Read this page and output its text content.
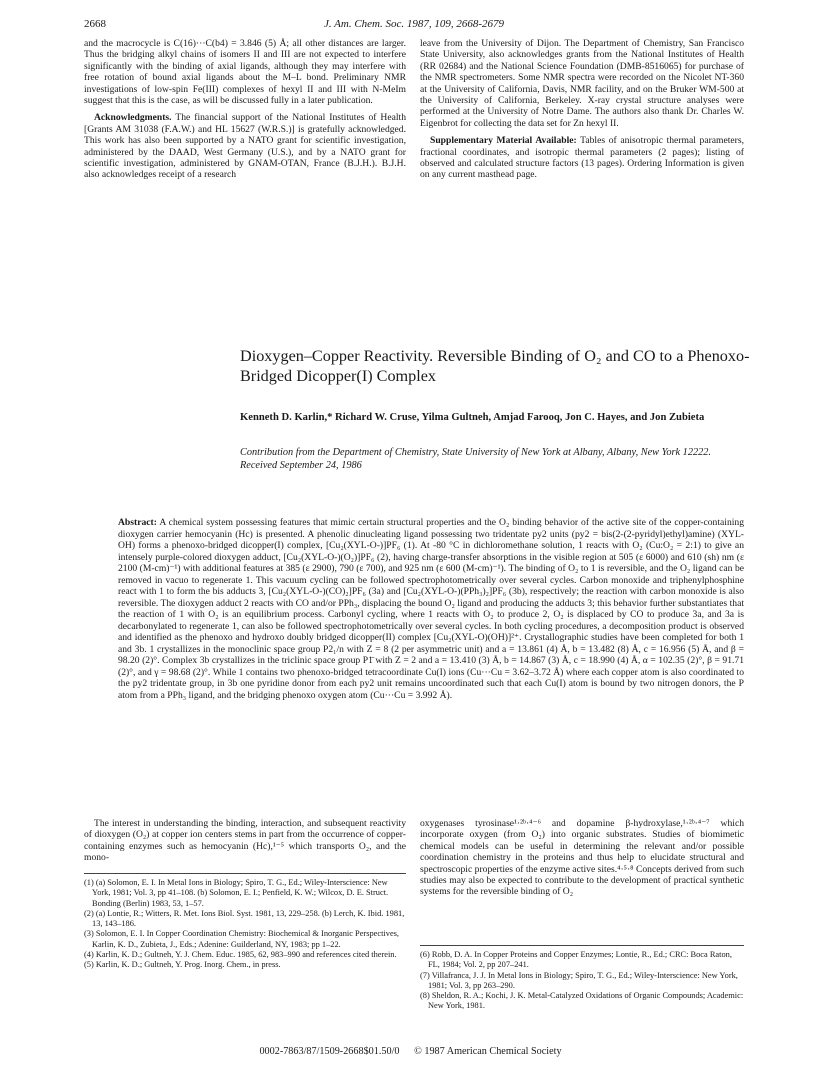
2668	J. Am. Chem. Soc. 1987, 109, 2668-2679

and the macrocycle is C(16)···C(b4) = 3.846 (5) Å; all other distances are larger. Thus the bridging alkyl chains of isomers II and III are not expected to interfere significantly with the binding of axial ligands, although they may interfere with free rotation of bound axial ligands about the M–L bond. Preliminary NMR investigations of low-spin Fe(III) complexes of hexyl II and III with N-MeIm suggest that this is the case, as will be discussed fully in a later publication.

Acknowledgments. The financial support of the National Institutes of Health [Grants AM 31038 (F.A.W.) and HL 15627 (W.R.S.)] is gratefully acknowledged. This work has also been supported by a NATO grant for scientific investigation, administered by the DAAD, West Germany (U.S.), and by a NATO grant for scientific investigation, administered by GNAM-OTAN, France (B.J.H.). B.J.H. also acknowledges receipt of a research

leave from the University of Dijon. The Department of Chemistry, San Francisco State University, also acknowledges grants from the National Institutes of Health (RR 02684) and the National Science Foundation (DMB-8516065) for purchase of the NMR spectrometers. Some NMR spectra were recorded on the Nicolet NT-360 at the University of California, Davis, NMR facility, and on the Bruker WM-500 at the University of California, Berkeley. X-ray crystal structure analyses were performed at the University of Notre Dame. The authors also thank Dr. Charles W. Eigenbrot for collecting the data set for Zn hexyl II.

Supplementary Material Available: Tables of anisotropic thermal parameters, fractional coordinates, and isotropic thermal parameters (2 pages); listing of observed and calculated structure factors (13 pages). Ordering Information is given on any current masthead page.

Dioxygen–Copper Reactivity. Reversible Binding of O₂ and CO to a Phenoxo-Bridged Dicopper(I) Complex
Kenneth D. Karlin,* Richard W. Cruse, Yilma Gultneh, Amjad Farooq, Jon C. Hayes, and Jon Zubieta
Contribution from the Department of Chemistry, State University of New York at Albany, Albany, New York 12222. Received September 24, 1986
Abstract: A chemical system possessing features that mimic certain structural properties and the O₂ binding behavior of the active site of the copper-containing dioxygen carrier hemocyanin (Hc) is presented. A phenolic dinucleating ligand possessing two tridentate py2 units (py2 = bis(2-(2-pyridyl)ethyl)amine) (XYL-OH) forms a phenoxo-bridged dicopper(I) complex, [Cu₂(XYL-O-)]PF₆ (1). At -80 °C in dichloromethane solution, 1 reacts with O₂ (Cu:O₂ = 2:1) to give an intensely purple-colored dioxygen adduct, [Cu₂(XYL-O-)(O₂)]PF₆ (2), having charge-transfer absorptions in the visible region at 505 (ε 6000) and 610 (sh) nm (ε 2100 (M-cm)⁻¹) with additional features at 385 (ε 2900), 790 (ε 700), and 925 nm (ε 600 (M-cm)⁻¹). The binding of O₂ to 1 is reversible, and the O₂ ligand can be removed in vacuo to regenerate 1. This vacuum cycling can be followed spectrophotometrically over several cycles. Carbon monoxide and triphenylphosphine react with 1 to form the bis adducts 3, [Cu₂(XYL-O-)(CO)₂]PF₆ (3a) and [Cu₂(XYL-O-)(PPh₃)₂]PF₆ (3b), respectively; the reaction with carbon monoxide is also reversible. The dioxygen adduct 2 reacts with CO and/or PPh₃, displacing the bound O₂ ligand and producing the adducts 3; this behavior further substantiates that the reaction of 1 with O₂ is an equilibrium process. Carbonyl cycling, where 1 reacts with O₂ to produce 2, O₂ is displaced by CO to produce 3a, and 3a is decarbonylated to regenerate 1, can also be followed spectrophotometrically over several cycles. In both cycling procedures, a decomposition product is observed and identified as the phenoxo and hydroxo doubly bridged dicopper(II) complex [Cu₂(XYL-O)(OH)]²⁺. Crystallographic studies have been completed for both 1 and 3b. 1 crystallizes in the monoclinic space group P2₁/n with Z = 8 (2 per asymmetric unit) and a = 13.861 (4) Å, b = 13.482 (8) Å, c = 16.956 (5) Å, and β = 98.20 (2)°. Complex 3b crystallizes in the triclinic space group P1̄ with Z = 2 and a = 13.410 (3) Å, b = 14.867 (3) Å, c = 18.990 (4) Å, α = 102.35 (2)°, β = 91.71 (2)°, and γ = 98.68 (2)°. While 1 contains two phenoxo-bridged tetracoordinate Cu(I) ions (Cu···Cu = 3.62–3.72 Å) where each copper atom is also coordinated to the py2 tridentate group, in 3b one pyridine donor from each py2 unit remains uncoordinated such that each Cu(I) atom is bound by two nitrogen donors, the P atom from a PPh₃ ligand, and the bridging phenoxo oxygen atom (Cu···Cu = 3.992 Å).

The interest in understanding the binding, interaction, and subsequent reactivity of dioxygen (O₂) at copper ion centers stems in part from the occurrence of copper-containing enzymes such as hemocyanin (Hc),¹⁻⁵ which transports O₂, and the mono-

oxygenases tyrosinase¹·²ᵇ·⁴⁻⁶ and dopamine β-hydroxylase,¹·²ᵇ·⁴⁻⁷ which incorporate oxygen (from O₂) into organic substrates. Studies of biomimetic chemical models can be useful in determining the relevant and/or possible coordination chemistry in the proteins and thus help to elucidate structural and spectroscopic properties of the enzyme active sites.⁴·⁵·⁸ Concepts derived from such studies may also be expected to contribute to the development of practical synthetic systems for the reversible binding of O₂

(1) (a) Solomon, E. I. In Metal Ions in Biology; Spiro, T. G., Ed.; Wiley-Interscience: New York, 1981; Vol. 3, pp 41–108. (b) Solomon, E. I.; Penfield, K. W.; Wilcox, D. E. Struct. Bonding (Berlin) 1983, 53, 1–57.

(2) (a) Lontie, R.; Witters, R. Met. Ions Biol. Syst. 1981, 13, 229–258. (b) Lerch, K. Ibid. 1981, 13, 143–186.

(3) Solomon, E. I. In Copper Coordination Chemistry: Biochemical & Inorganic Perspectives, Karlin, K. D., Zubieta, J., Eds.; Adenine: Guilderland, NY, 1983; pp 1–22.

(4) Karlin, K. D.; Gultneh, Y. J. Chem. Educ. 1985, 62, 983–990 and references cited therein.

(5) Karlin, K. D.; Gultneh, Y. Prog. Inorg. Chem., in press.

(6) Robb, D. A. In Copper Proteins and Copper Enzymes; Lontie, R., Ed.; CRC: Boca Raton, FL, 1984; Vol. 2, pp 207–241.

(7) Villafranca, J. J. In Metal Ions in Biology; Spiro, T. G., Ed.; Wiley-Interscience: New York, 1981; Vol. 3, pp 263–290.

(8) Sheldon, R. A.; Kochi, J. K. Metal-Catalyzed Oxidations of Organic Compounds; Academic: New York, 1981.

0002-7863/87/1509-2668$01.50/0 © 1987 American Chemical Society
